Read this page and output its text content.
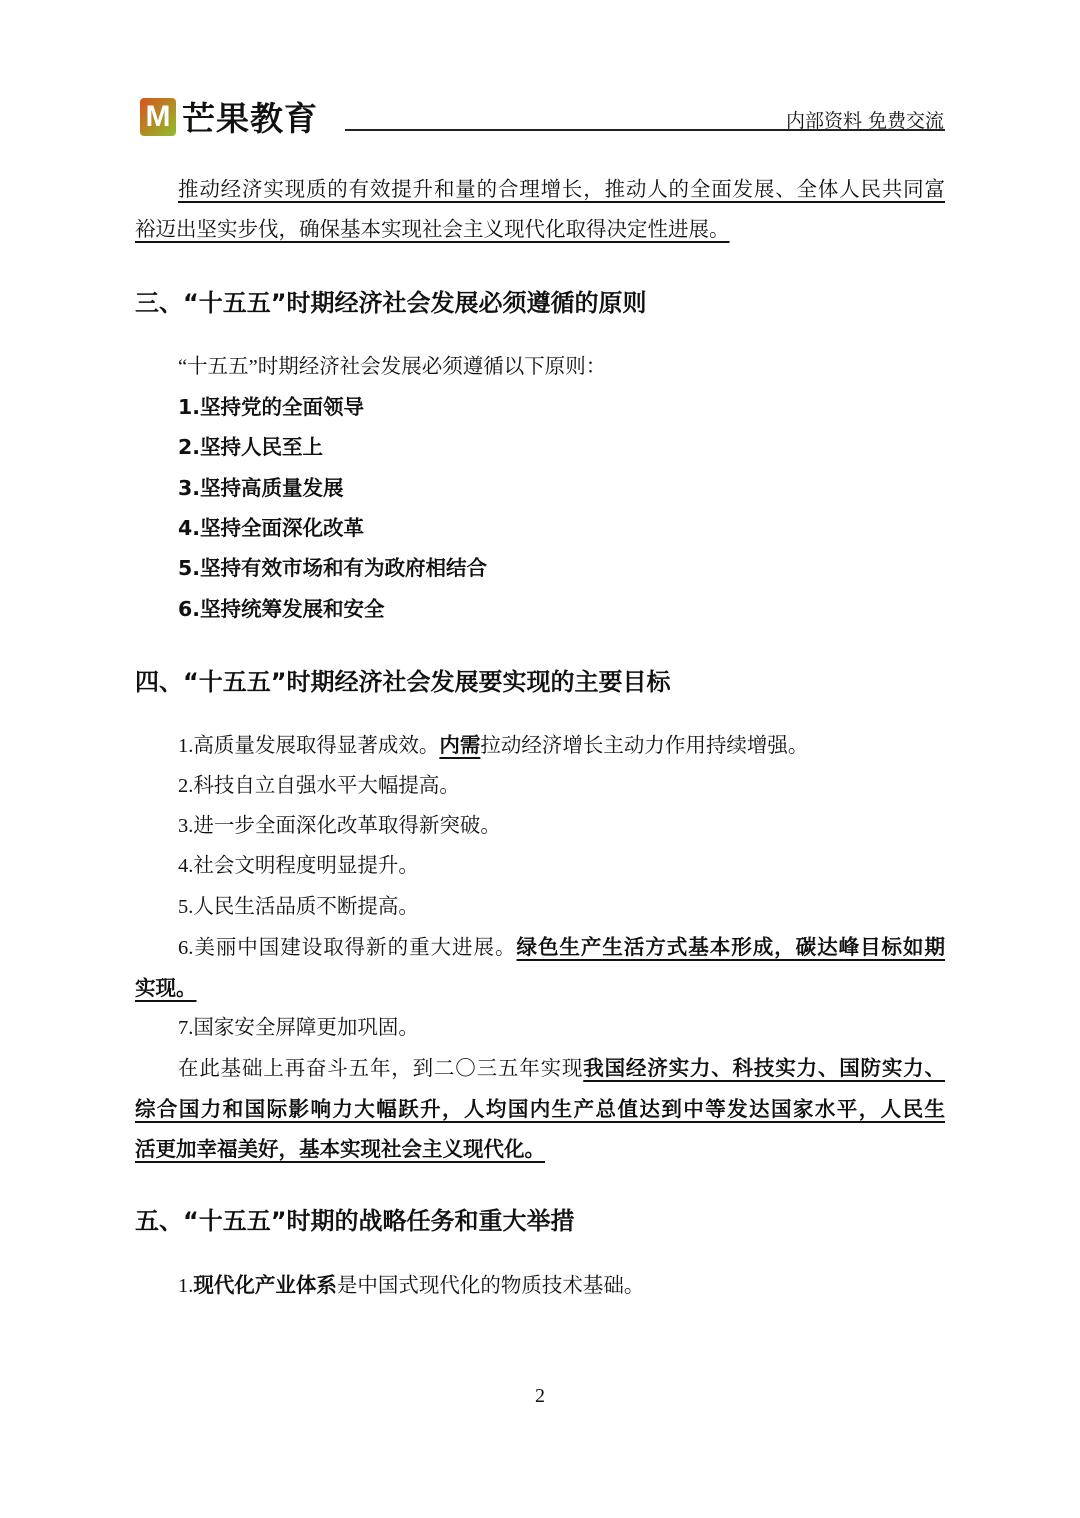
M 芒果教育	内部资料 免费交流
推动经济实现质的有效提升和量的合理增长，推动人的全面发展、全体人民共同富
裕迈出坚实步伐，确保基本实现社会主义现代化取得决定性进展。
三、“十五五”时期经济社会发展必须遵循的原则
“十五五”时期经济社会发展必须遵循以下原则：
1.坚持党的全面领导
2.坚持人民至上
3.坚持高质量发展
4.坚持全面深化改革
5.坚持有效市场和有为政府相结合
6.坚持统筹发展和安全
四、“十五五”时期经济社会发展要实现的主要目标
1.高质量发展取得显著成效。内需拉动经济增长主动力作用持续增强。
2.科技自立自强水平大幅提高。
3.进一步全面深化改革取得新突破。
4.社会文明程度明显提升。
5.人民生活品质不断提高。
6.美丽中国建设取得新的重大进展。绿色生产生活方式基本形成，碳达峰目标如期
实现。
7.国家安全屏障更加巩固。
在此基础上再奋斗五年，到二〇三五年实现我国经济实力、科技实力、国防实力、
综合国力和国际影响力大幅跃升，人均国内生产总值达到中等发达国家水平，人民生
活更加幸福美好，基本实现社会主义现代化。
五、“十五五”时期的战略任务和重大举措
1.现代化产业体系是中国式现代化的物质技术基础。
2
